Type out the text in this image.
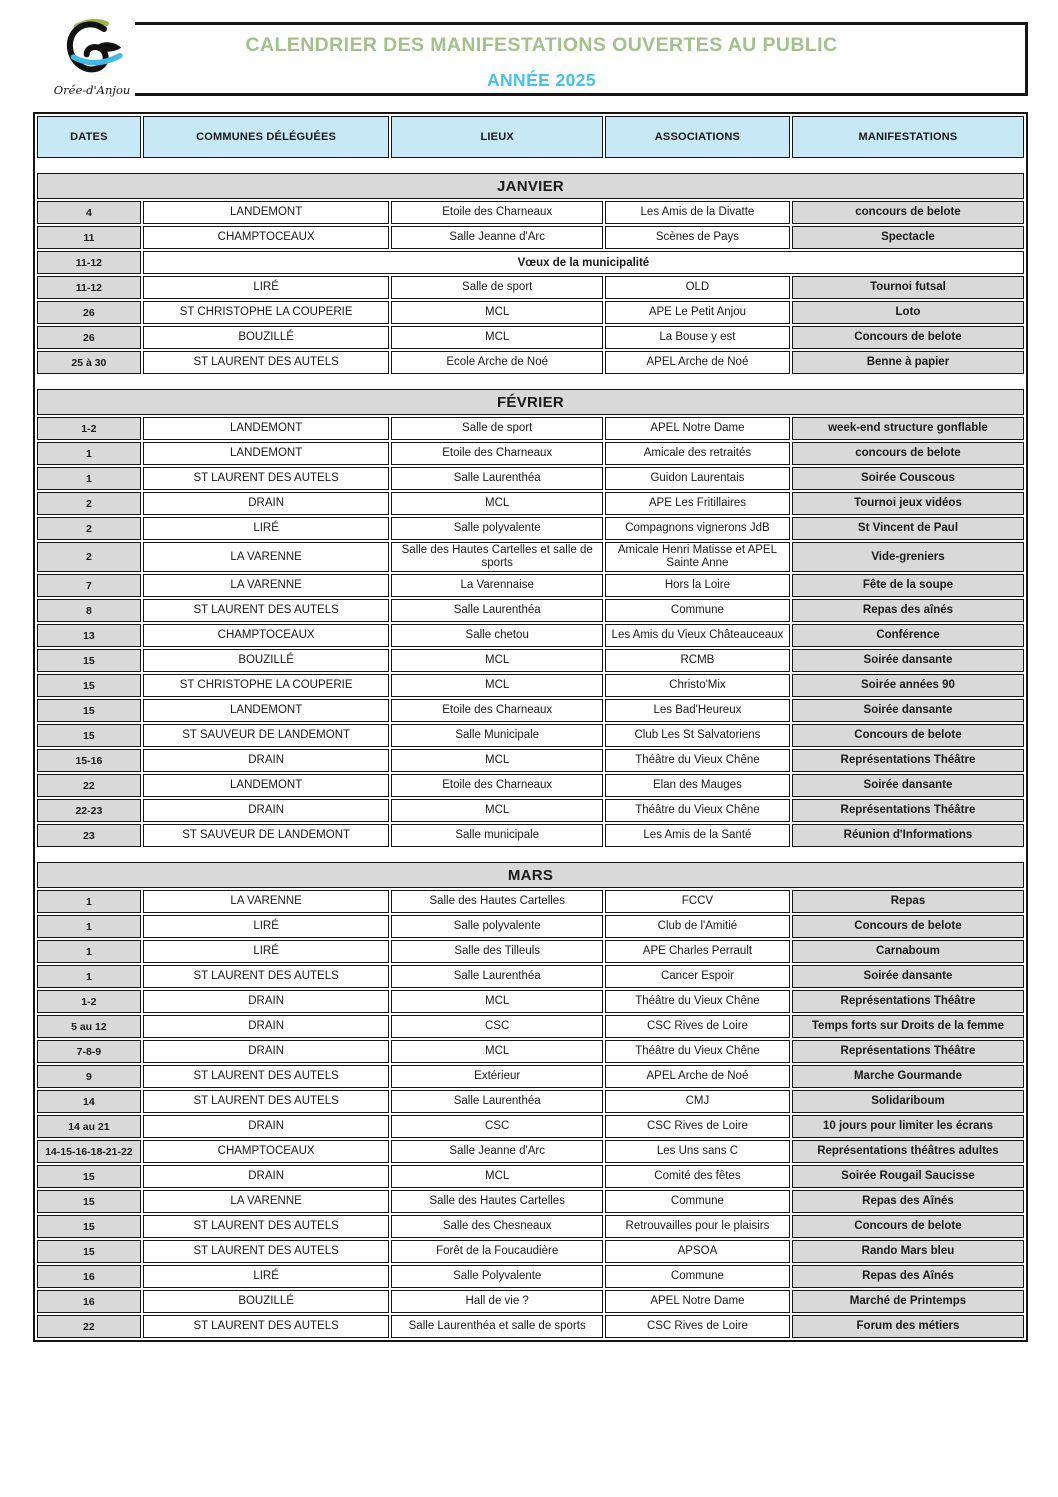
Orée-d'Anjou
CALENDRIER DES MANIFESTATIONS OUVERTES AU PUBLIC
ANNÉE 2025
DATES	COMMUNES DÉLÉGUÉES	LIEUX	ASSOCIATIONS	MANIFESTATIONS

JANVIER				
4	LANDEMONT	Etoile des Charneaux	Les Amis de la Divatte	concours de belote
11	CHAMPTOCEAUX	Salle Jeanne d'Arc	Scènes de Pays	Spectacle
11-12	Vœux de la municipalité			
11-12	LIRÉ	Salle de sport	OLD	Tournoi futsal
26	ST CHRISTOPHE LA COUPERIE	MCL	APE Le Petit Anjou	Loto
26	BOUZILLÉ	MCL	La Bouse y est	Concours de belote
25 à 30	ST LAURENT DES AUTELS	Ecole Arche de Noé	APEL Arche de Noé	Benne à papier

FÉVRIER				
1-2	LANDEMONT	Salle de sport	APEL Notre Dame	week-end structure gonflable
1	LANDEMONT	Etoile des Charneaux	Amicale des retraités	concours de belote
1	ST LAURENT DES AUTELS	Salle Laurenthéa	Guidon Laurentais	Soirée Couscous
2	DRAIN	MCL	APE Les Fritillaires	Tournoi jeux vidéos
2	LIRÉ	Salle polyvalente	Compagnons vignerons JdB	St Vincent de Paul
2	LA VARENNE	Salle des Hautes Cartelles et salle de sports	Amicale Henri Matisse et APEL Sainte Anne	Vide-greniers
7	LA VARENNE	La Varennaise	Hors la Loire	Fête de la soupe
8	ST LAURENT DES AUTELS	Salle Laurenthéa	Commune	Repas des aînés
13	CHAMPTOCEAUX	Salle chetou	Les Amis du Vieux Châteauceaux	Conférence
15	BOUZILLÉ	MCL	RCMB	Soirée dansante
15	ST CHRISTOPHE LA COUPERIE	MCL	Christo'Mix	Soirée années 90
15	LANDEMONT	Etoile des Charneaux	Les Bad'Heureux	Soirée dansante
15	ST SAUVEUR DE LANDEMONT	Salle Municipale	Club Les St Salvatoriens	Concours de belote
15-16	DRAIN	MCL	Théâtre du Vieux Chêne	Représentations Théâtre
22	LANDEMONT	Etoile des Charneaux	Elan des Mauges	Soirée dansante
22-23	DRAIN	MCL	Théâtre du Vieux Chêne	Représentations Théâtre
23	ST SAUVEUR DE LANDEMONT	Salle municipale	Les Amis de la Santé	Réunion d'Informations

MARS				
1	LA VARENNE	Salle des Hautes Cartelles	FCCV	Repas
1	LIRÉ	Salle polyvalente	Club de l'Amitié	Concours de belote
1	LIRÉ	Salle des Tilleuls	APE Charles Perrault	Carnaboum
1	ST LAURENT DES AUTELS	Salle Laurenthéa	Cancer Espoir	Soirée dansante
1-2	DRAIN	MCL	Théâtre du Vieux Chêne	Représentations Théâtre
5 au 12	DRAIN	CSC	CSC Rives de Loire	Temps forts sur Droits de la femme
7-8-9	DRAIN	MCL	Théâtre du Vieux Chêne	Représentations Théâtre
9	ST LAURENT DES AUTELS	Extérieur	APEL Arche de Noé	Marche Gourmande
14	ST LAURENT DES AUTELS	Salle Laurenthéa	CMJ	Solidariboum
14 au 21	DRAIN	CSC	CSC Rives de Loire	10 jours pour limiter les écrans
14-15-16-18-21-22	CHAMPTOCEAUX	Salle Jeanne d'Arc	Les Uns sans C	Représentations théâtres adultes
15	DRAIN	MCL	Comité des fêtes	Soirée Rougail Saucisse
15	LA VARENNE	Salle des Hautes Cartelles	Commune	Repas des Aînés
15	ST LAURENT DES AUTELS	Salle des Chesneaux	Retrouvailles pour le plaisirs	Concours de belote
15	ST LAURENT DES AUTELS	Forêt de la Foucaudière	APSOA	Rando Mars bleu
16	LIRÉ	Salle Polyvalente	Commune	Repas des Aînés
16	BOUZILLÉ	Hall de vie ?	APEL Notre Dame	Marché de Printemps
22	ST LAURENT DES AUTELS	Salle Laurenthéa et salle de sports	CSC Rives de Loire	Forum des métiers
